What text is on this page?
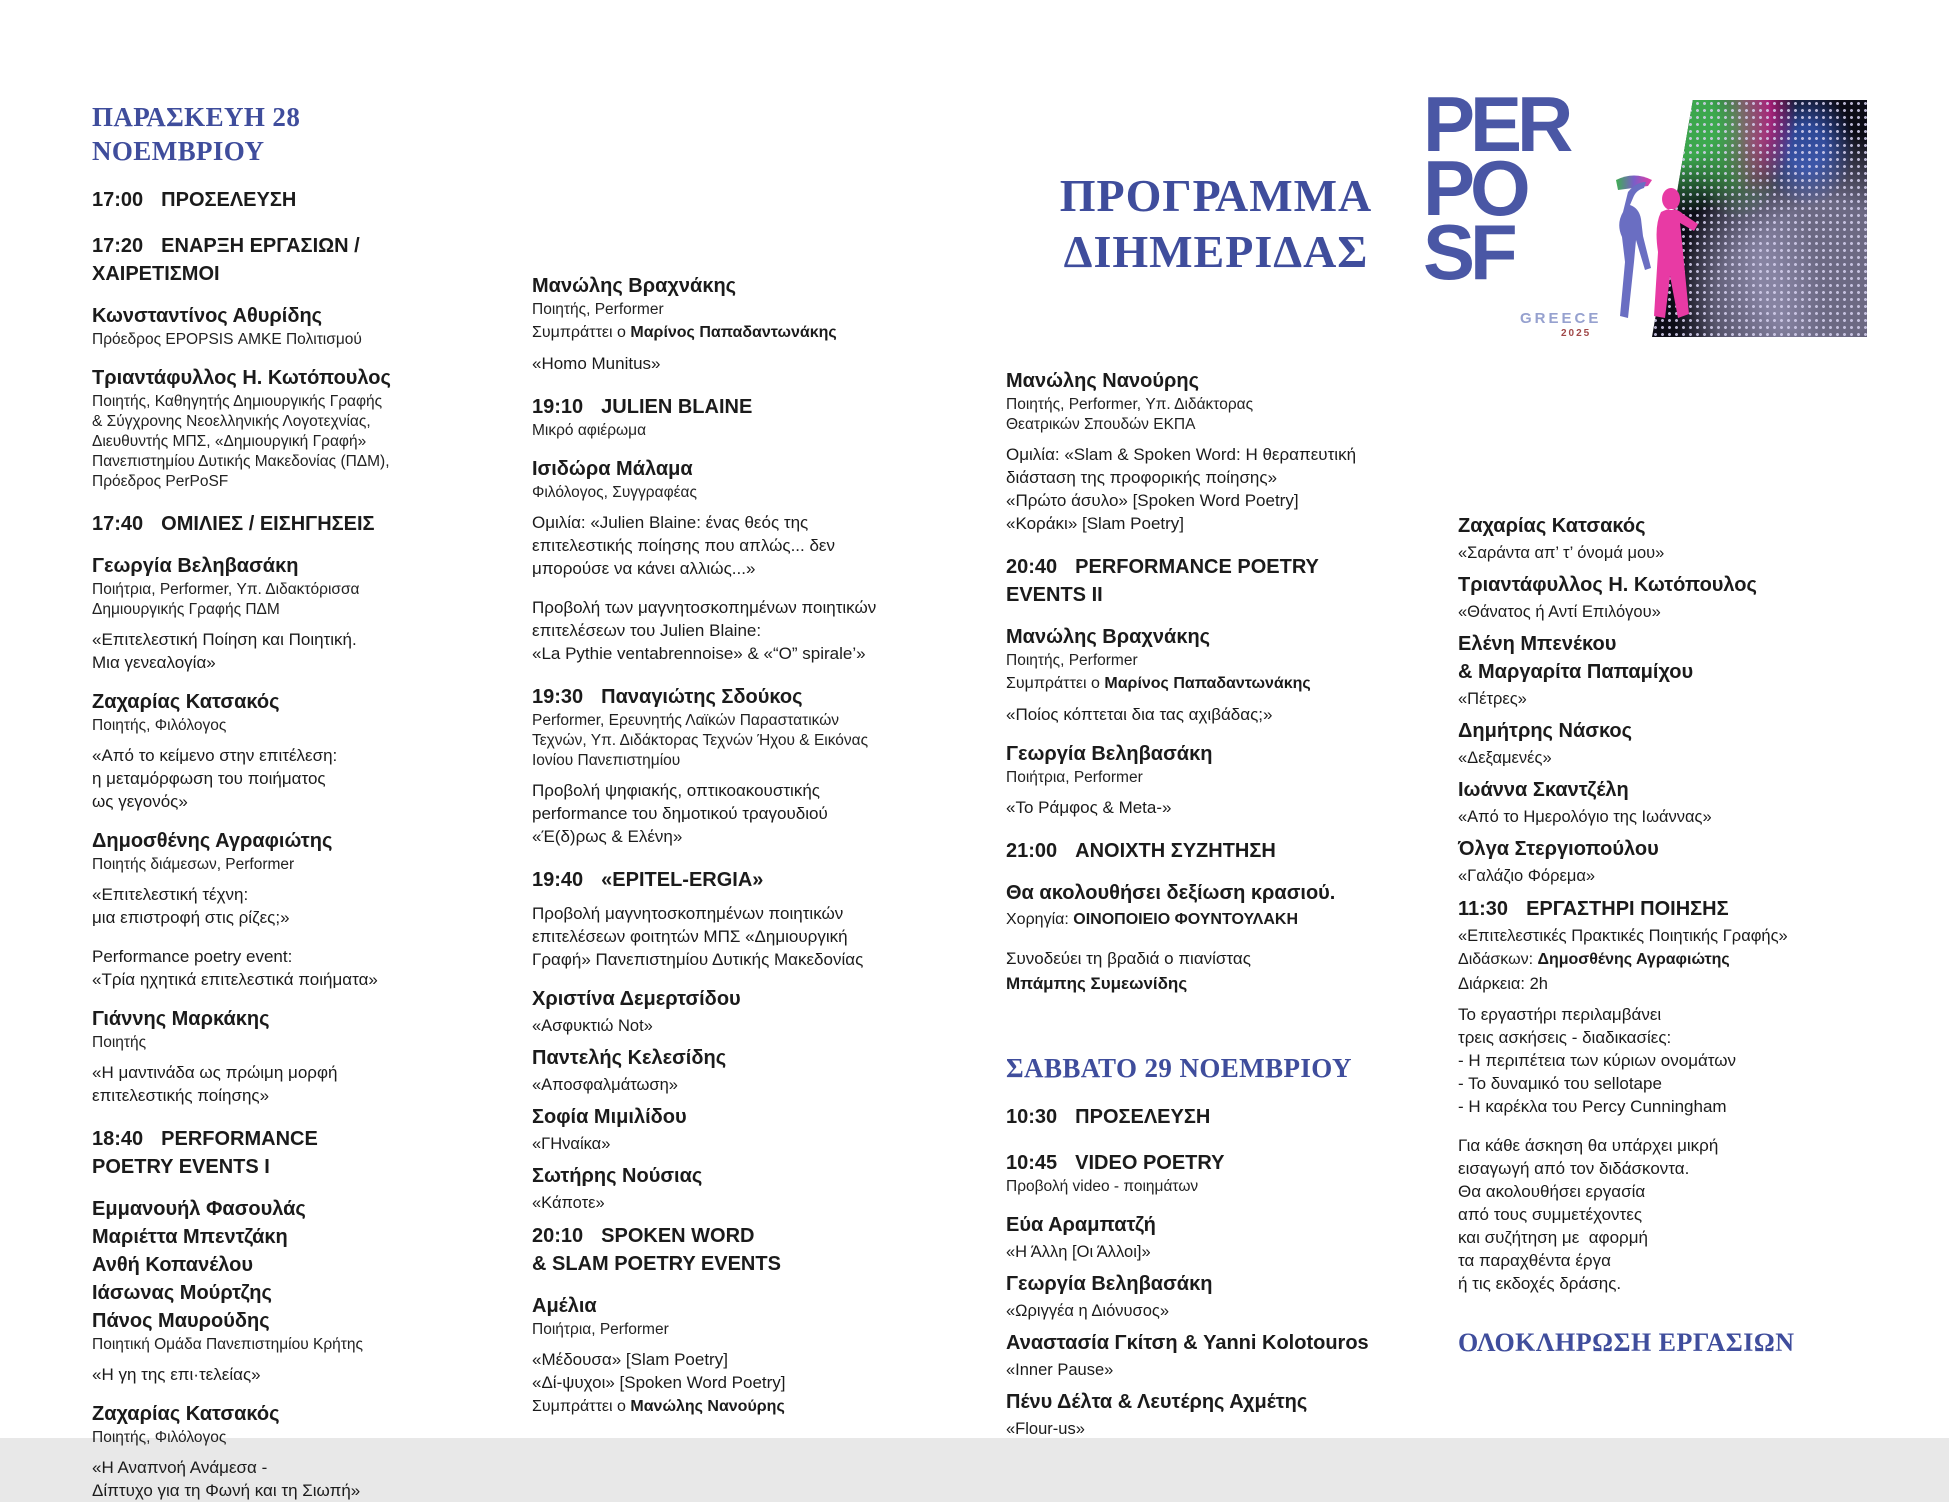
ΠΑΡΑΣΚΕΥΗ 28 ΝΟΕΜΒΡΙΟΥ
17:00 ΠΡΟΣΕΛΕΥΣΗ
17:20 ΕΝΑΡΞΗ ΕΡΓΑΣΙΩΝ /
ΧΑΙΡΕΤΙΣΜΟΙ
Κωνσταντίνος Αθυρίδης
Πρόεδρος EPOPSIS ΑΜΚΕ Πολιτισμού
Τριαντάφυλλος Η. Κωτόπουλος
Ποιητής, Καθηγητής Δημιουργικής Γραφής
& Σύγχρονης Νεοελληνικής Λογοτεχνίας,
Διευθυντής ΜΠΣ, «Δημιουργική Γραφή»
Πανεπιστημίου Δυτικής Μακεδονίας (ΠΔΜ),
Πρόεδρος PerPoSF
17:40 ΟΜΙΛΙΕΣ / ΕΙΣΗΓΗΣΕΙΣ
Γεωργία Βεληβασάκη
Ποιήτρια, Performer, Υπ. Διδακτόρισσα
Δημιουργικής Γραφής ΠΔΜ
«Επιτελεστική Ποίηση και Ποιητική.
Μια γενεαλογία»
Ζαχαρίας Κατσακός
Ποιητής, Φιλόλογος
«Από το κείμενο στην επιτέλεση:
η μεταμόρφωση του ποιήματος
ως γεγονός»
Δημοσθένης Αγραφιώτης
Ποιητής διάμεσων, Performer
«Επιτελεστική τέχνη:
μια επιστροφή στις ρίζες;»
Performance poetry event:
«Τρία ηχητικά επιτελεστικά ποιήματα»
Γιάννης Μαρκάκης
Ποιητής
«Η μαντινάδα ως πρώιμη μορφή
επιτελεστικής ποίησης»
18:40 PERFORMANCE
POETRY EVENTS I
Εμμανουήλ Φασουλάς
Μαριέττα Μπεντζάκη
Ανθή Κοπανέλου
Ιάσωνας Μούρτζης
Πάνος Μαυρούδης
Ποιητική Ομάδα Πανεπιστημίου Κρήτης
«Η γη της επι·τελείας»
Ζαχαρίας Κατσακός
Ποιητής, Φιλόλογος
«Η Αναπνοή Ανάμεσα -
Δίπτυχο για τη Φωνή και τη Σιωπή»
Μανώλης Βραχνάκης
Ποιητής, Performer
Συμπράττει ο Μαρίνος Παπαδαντωνάκης
«Homo Munitus»
19:10 JULIEN BLAINE
Μικρό αφιέρωμα
Ισιδώρα Μάλαμα
Φιλόλογος, Συγγραφέας
Ομιλία: «Julien Blaine: ένας θεός της
επιτελεστικής ποίησης που απλώς... δεν
μπορούσε να κάνει αλλιώς...»
Προβολή των μαγνητοσκοπημένων ποιητικών
επιτελέσεων του Julien Blaine:
«La Pythie ventabrennoise» & «“O” spirale’»
19:30 Παναγιώτης Σδούκος
Performer, Ερευνητής Λαϊκών Παραστατικών
Τεχνών, Υπ. Διδάκτορας Τεχνών Ήχου & Εικόνας
Ιονίου Πανεπιστημίου
Προβολή ψηφιακής, οπτικοακουστικής
performance του δημοτικού τραγουδιού
«Έ(δ)ρως & Ελένη»
19:40 «EPITEL-ERGIA»
Προβολή μαγνητοσκοπημένων ποιητικών
επιτελέσεων φοιτητών ΜΠΣ «Δημιουργική
Γραφή» Πανεπιστημίου Δυτικής Μακεδονίας
Χριστίνα Δεμερτσίδου
«Ασφυκτιώ Not»
Παντελής Κελεσίδης
«Αποσφαλμάτωση»
Σοφία Μιμιλίδου
«ΓΗναίκα»
Σωτήρης Νούσιας
«Κάποτε»
20:10 SPOKEN WORD
& SLAM POETRY EVENTS
Αμέλια
Ποιήτρια, Performer
«Μέδουσα» [Slam Poetry]
«Δί-ψυχοι» [Spoken Word Poetry]
Συμπράττει ο Μανώλης Νανούρης
ΠΡΟΓΡΑΜΜΑ
ΔΙΗΜΕΡΙΔΑΣ
Μανώλης Νανούρης
Ποιητής, Performer, Υπ. Διδάκτορας
Θεατρικών Σπουδών ΕΚΠΑ
Ομιλία: «Slam & Spoken Word: Η θεραπευτική
διάσταση της προφορικής ποίησης»
«Πρώτο άσυλο» [Spoken Word Poetry]
«Κοράκι» [Slam Poetry]
20:40 PERFORMANCE POETRY
EVENTS II
Μανώλης Βραχνάκης
Ποιητής, Performer
Συμπράττει ο Μαρίνος Παπαδαντωνάκης
«Ποίος κόπτεται δια τας αχιβάδας;»
Γεωργία Βεληβασάκη
Ποιήτρια, Performer
«Το Ράμφος & Meta-»
21:00 ΑΝΟΙΧΤΗ ΣΥΖΗΤΗΣΗ
Θα ακολουθήσει δεξίωση κρασιού.
Χορηγία: ΟΙΝΟΠΟΙΕΙΟ ΦΟΥΝΤΟΥΛΑΚΗ
Συνοδεύει τη βραδιά ο πιανίστας
Μπάμπης Συμεωνίδης
ΣΑΒΒΑΤΟ 29 ΝΟΕΜΒΡΙΟΥ
10:30 ΠΡΟΣΕΛΕΥΣΗ
10:45 VIDEO POETRY
Προβολή video - ποιημάτων
Εύα Αραμπατζή
«Η Άλλη [Οι Άλλοι]»
Γεωργία Βεληβασάκη
«Ωριγγέα η Διόνυσος»
Αναστασία Γκίτση & Yanni Kolotouros
«Inner Pause»
Πένυ Δέλτα & Λευτέρης Αχμέτης
«Flour-us»
Ζαχαρίας Κατσακός
«Σαράντα απ’ τ’ όνομά μου»
Τριαντάφυλλος Η. Κωτόπουλος
«Θάνατος ή Αντί Επιλόγου»
Ελένη Μπενέκου
& Μαργαρίτα Παπαμίχου
«Πέτρες»
Δημήτρης Νάσκος
«Δεξαμενές»
Ιωάννα Σκαντζέλη
«Από το Ημερολόγιο της Ιωάννας»
Όλγα Στεργιοπούλου
«Γαλάζιο Φόρεμα»
11:30 ΕΡΓΑΣΤΗΡΙ ΠΟΙΗΣΗΣ
«Επιτελεστικές Πρακτικές Ποιητικής Γραφής»
Διδάσκων: Δημοσθένης Αγραφιώτης
Διάρκεια: 2h
Το εργαστήρι περιλαμβάνει
τρεις ασκήσεις - διαδικασίες:
- Η περιπέτεια των κύριων ονομάτων
- Το δυναμικό του sellotape
- Η καρέκλα του Percy Cunningham
Για κάθε άσκηση θα υπάρχει μικρή
εισαγωγή από τον διδάσκοντα.
Θα ακολουθήσει εργασία
από τους συμμετέχοντες
και συζήτηση με  αφορμή
τα παραχθέντα έργα
ή τις εκδοχές δράσης.
PER
PO
SF
GREECE
2025
ΟΛΟΚΛΗΡΩΣΗ ΕΡΓΑΣΙΩΝ
